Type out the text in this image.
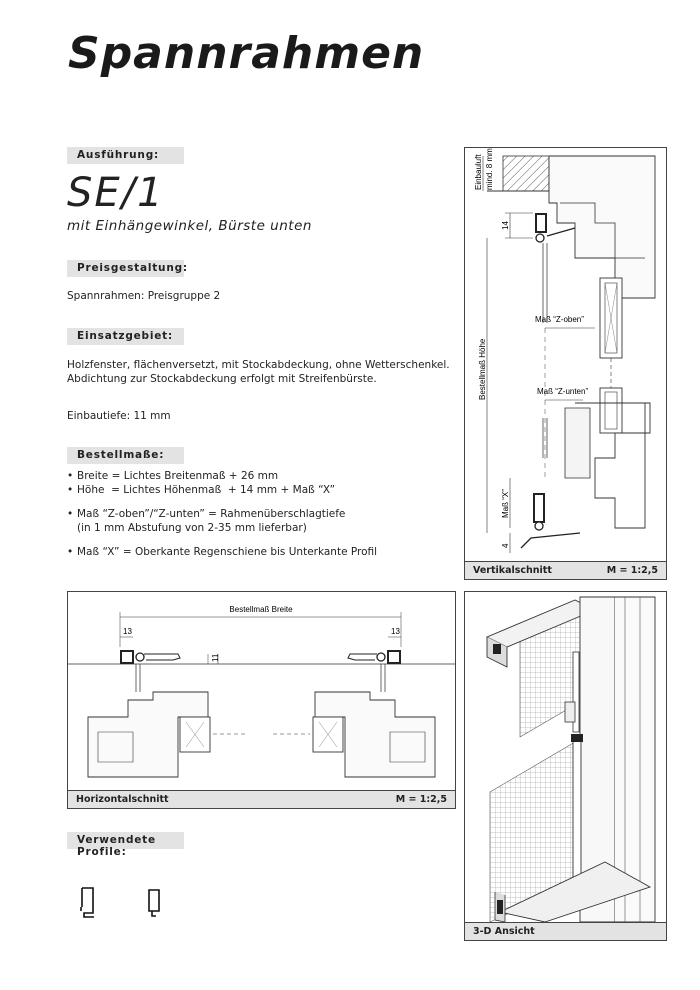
Spannrahmen
Ausführung:
SE/1
mit Einhängewinkel, Bürste unten
Preisgestaltung:
Spannrahmen: Preisgruppe 2
Einsatzgebiet:
Holzfenster, flächenversetzt, mit Stockabdeckung, ohne Wetterschenkel.
Abdichtung zur Stockabdeckung erfolgt mit Streifenbürste.
Einbautiefe: 11 mm
Bestellmaße:
• Breite = Lichtes Breitenmaß + 26 mm
• Höhe  = Lichtes Höhenmaß  + 14 mm + Maß “X”
• Maß “Z-oben”/“Z-unten” = Rahmenüberschlagtiefe
(in 1 mm Abstufung von 2-35 mm lieferbar)
• Maß “X” = Oberkante Regenschiene bis Unterkante Profil
Verwendete Profile:
Einbauluft mind. 8 mm
14
Maß “Z-oben”
Maß “Z-unten”
Bestellmaß Höhe
Maß “X”
4
Vertikalschnitt	M = 1:2,5
Bestellmaß Breite
13	13
11
Horizontalschnitt	M = 1:2,5
3-D Ansicht
